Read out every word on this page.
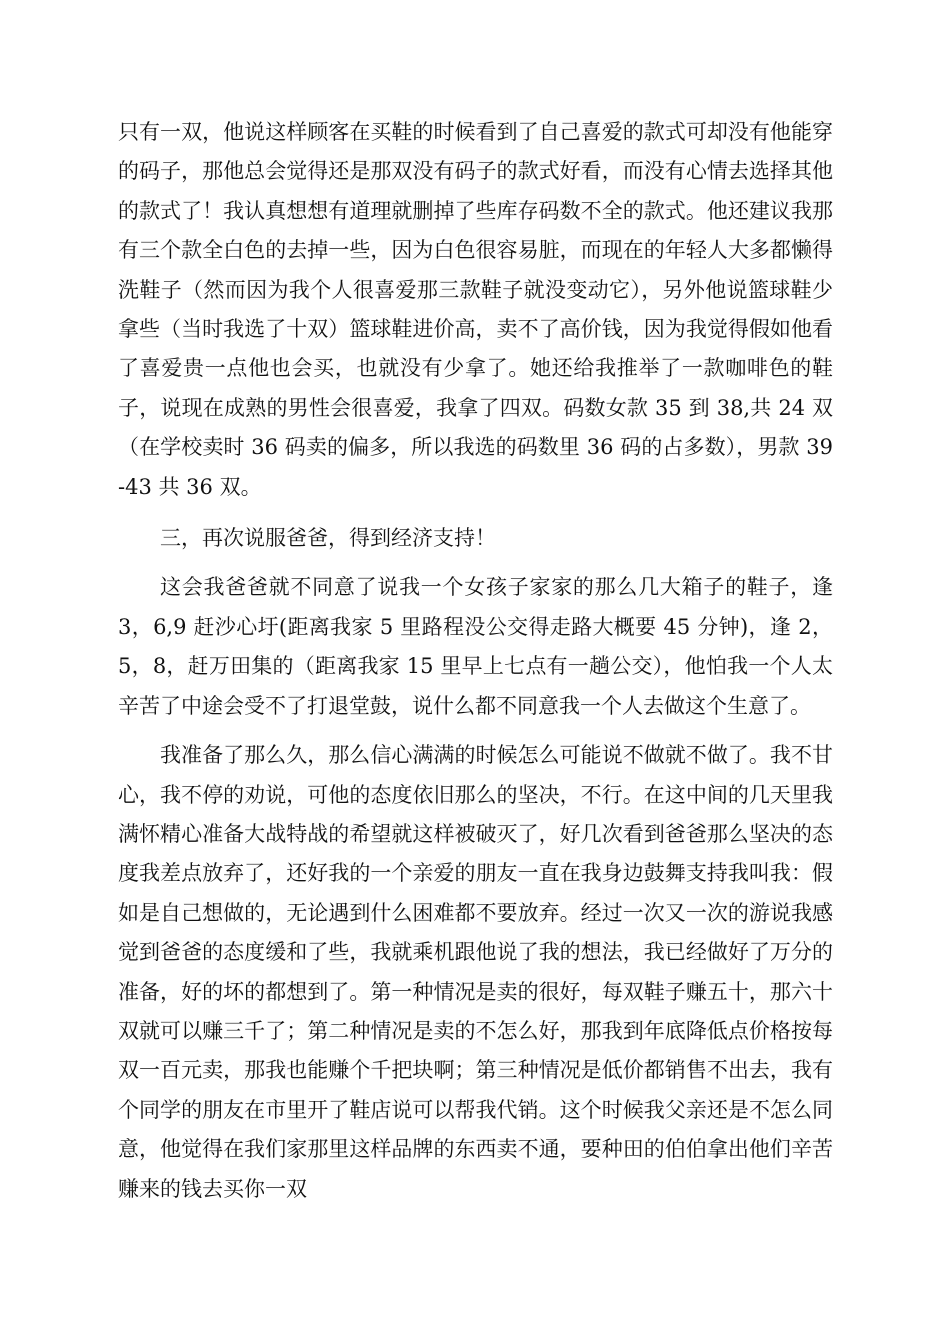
只有一双，他说这样顾客在买鞋的时候看到了自己喜爱的款式可却没有他能穿的码子，那他总会觉得还是那双没有码子的款式好看，而没有心情去选择其他的款式了！我认真想想有道理就删掉了些库存码数不全的款式。他还建议我那有三个款全白色的去掉一些，因为白色很容易脏，而现在的年轻人大多都懒得洗鞋子（然而因为我个人很喜爱那三款鞋子就没变动它），另外他说篮球鞋少拿些（当时我选了十双）篮球鞋进价高，卖不了高价钱，因为我觉得假如他看了喜爱贵一点他也会买，也就没有少拿了。她还给我推举了一款咖啡色的鞋子，说现在成熟的男性会很喜爱，我拿了四双。码数女款 35 到 38,共 24 双（在学校卖时 36 码卖的偏多，所以我选的码数里 36 码的占多数），男款 39-43 共 36 双。

三，再次说服爸爸，得到经济支持！

这会我爸爸就不同意了说我一个女孩子家家的那么几大箱子的鞋子，逢 3，6,9 赶沙心圩(距离我家 5 里路程没公交得走路大概要 45 分钟)，逢 2，5，8，赶万田集的（距离我家 15 里早上七点有一趟公交），他怕我一个人太辛苦了中途会受不了打退堂鼓，说什么都不同意我一个人去做这个生意了。

我准备了那么久，那么信心满满的时候怎么可能说不做就不做了。我不甘心，我不停的劝说，可他的态度依旧那么的坚决，不行。在这中间的几天里我满怀精心准备大战特战的希望就这样被破灭了，好几次看到爸爸那么坚决的态度我差点放弃了，还好我的一个亲爱的朋友一直在我身边鼓舞支持我叫我：假如是自己想做的，无论遇到什么困难都不要放弃。经过一次又一次的游说我感觉到爸爸的态度缓和了些，我就乘机跟他说了我的想法，我已经做好了万分的准备，好的坏的都想到了。第一种情况是卖的很好，每双鞋子赚五十，那六十双就可以赚三千了；第二种情况是卖的不怎么好，那我到年底降低点价格按每双一百元卖，那我也能赚个千把块啊；第三种情况是低价都销售不出去，我有个同学的朋友在市里开了鞋店说可以帮我代销。这个时候我父亲还是不怎么同意，他觉得在我们家那里这样品牌的东西卖不通，要种田的伯伯拿出他们辛苦赚来的钱去买你一双
